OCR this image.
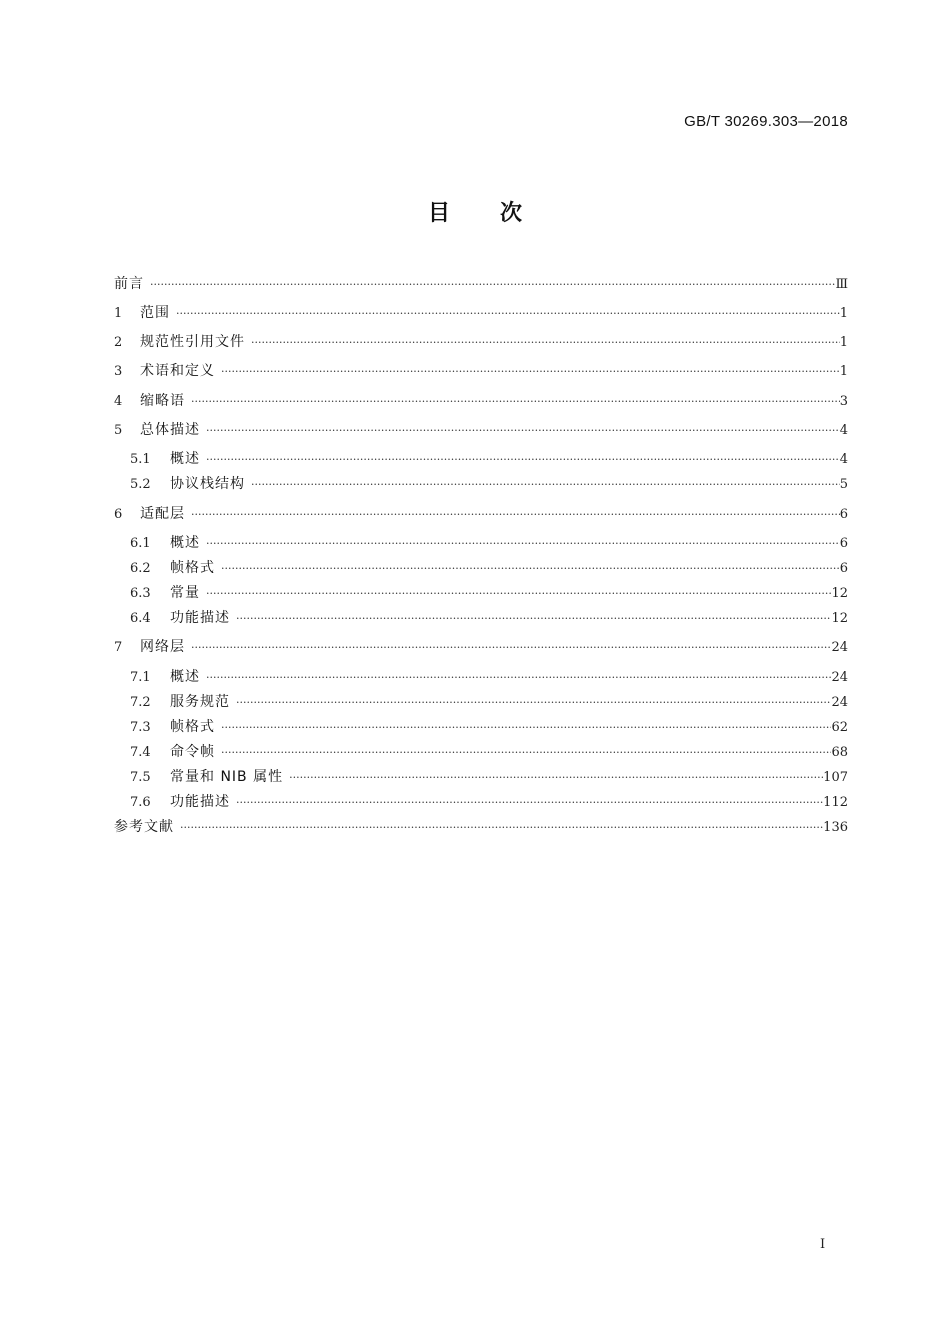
GB/T 30269.303—2018
目次
前言 ·····	Ⅲ
1	范围 ·····	1
2	规范性引用文件 ·····	1
3	术语和定义 ·····	1
4	缩略语 ·····	3
5	总体描述 ·····	4
5.1	概述 ·····	4
5.2	协议栈结构 ·····	5
6	适配层 ·····	6
6.1	概述 ·····	6
6.2	帧格式 ·····	6
6.3	常量 ·····	12
6.4	功能描述 ·····	12
7	网络层 ·····	24
7.1	概述 ·····	24
7.2	服务规范 ·····	24
7.3	帧格式 ·····	62
7.4	命令帧 ·····	68
7.5	常量和 NIB 属性 ·····	107
7.6	功能描述 ·····	112
参考文献 ·····	136
I
